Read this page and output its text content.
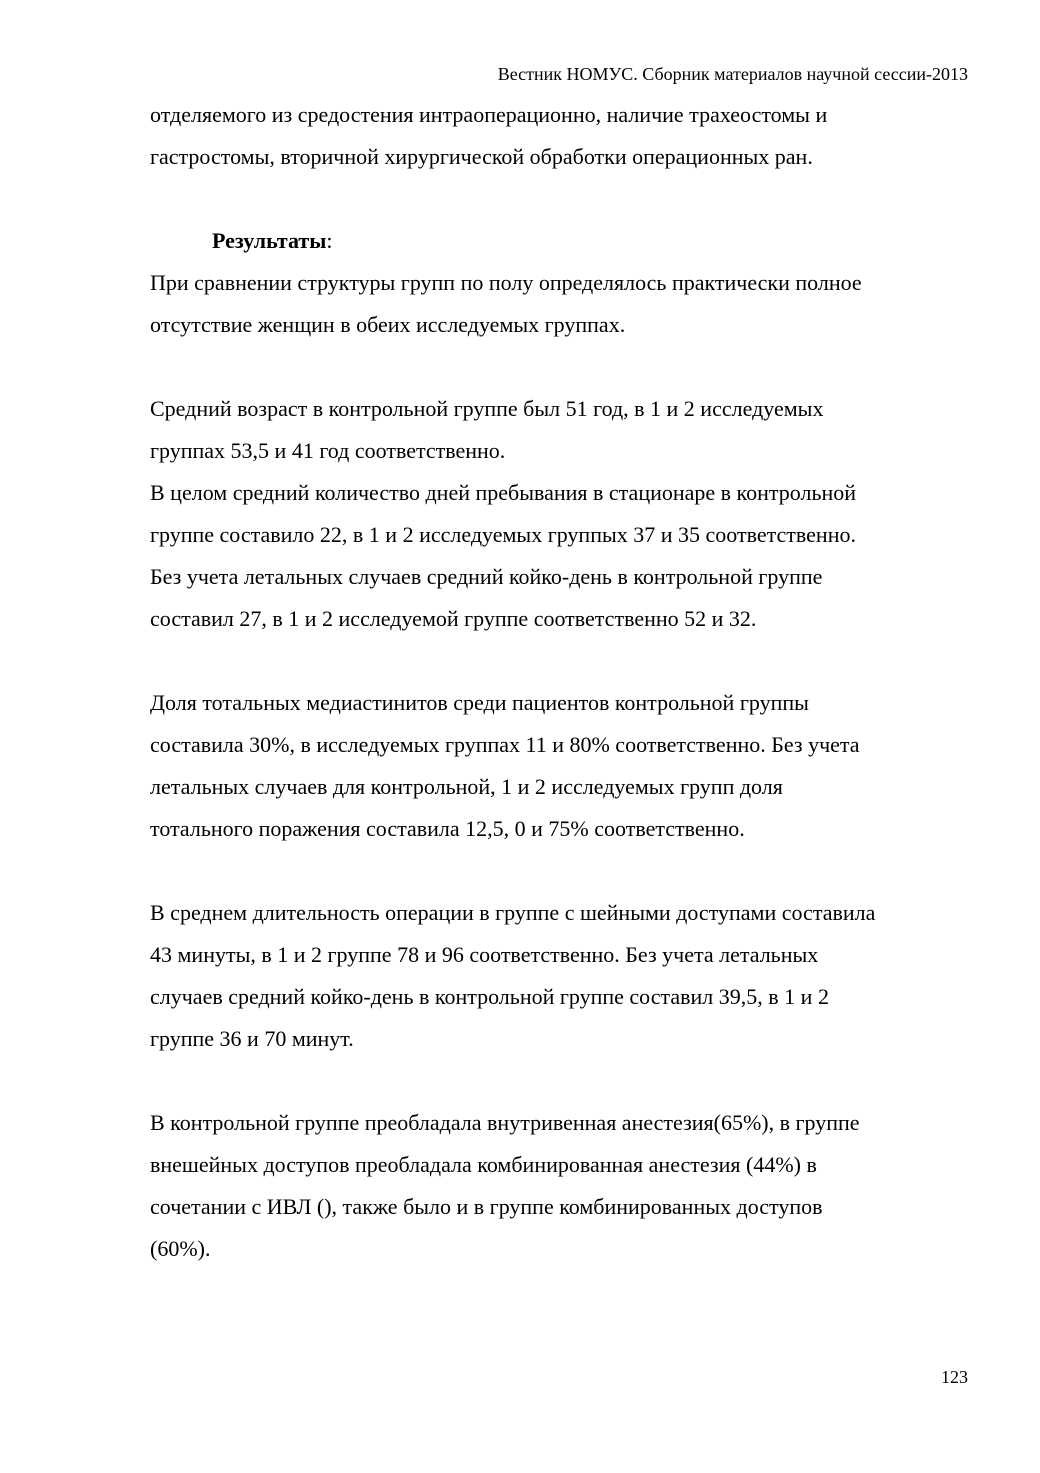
Вестник НОМУС. Сборник материалов научной сессии-2013
отделяемого из средостения интраоперационно, наличие трахеостомы и
гастростомы, вторичной хирургической обработки операционных ран.
Результаты:
При сравнении структуры групп по полу определялось практически полное
отсутствие женщин в обеих исследуемых группах.
Средний возраст в контрольной группе был 51 год, в 1 и 2 исследуемых
группах 53,5 и 41 год соответственно.
В целом средний количество дней пребывания в стационаре в контрольной
группе составило 22, в 1 и 2 исследуемых группых 37 и 35 соответственно.
Без учета летальных случаев средний койко-день в контрольной группе
составил 27, в 1 и 2 исследуемой группе соответственно 52 и 32.
Доля тотальных медиастинитов среди пациентов контрольной группы
составила 30%, в исследуемых группах 11 и 80% соответственно. Без учета
летальных случаев для контрольной, 1 и 2 исследуемых групп доля
тотального поражения составила 12,5, 0 и 75% соответственно.
В среднем длительность операции в группе с шейными доступами составила
43 минуты, в 1 и 2 группе 78 и 96 соответственно. Без учета летальных
случаев средний койко-день в контрольной группе составил 39,5, в 1 и 2
группе 36 и 70 минут.
В контрольной группе преобладала внутривенная анестезия(65%), в группе
внешейных доступов преобладала комбинированная анестезия (44%) в
сочетании с ИВЛ (), также было и в группе комбинированных доступов
(60%).
123
